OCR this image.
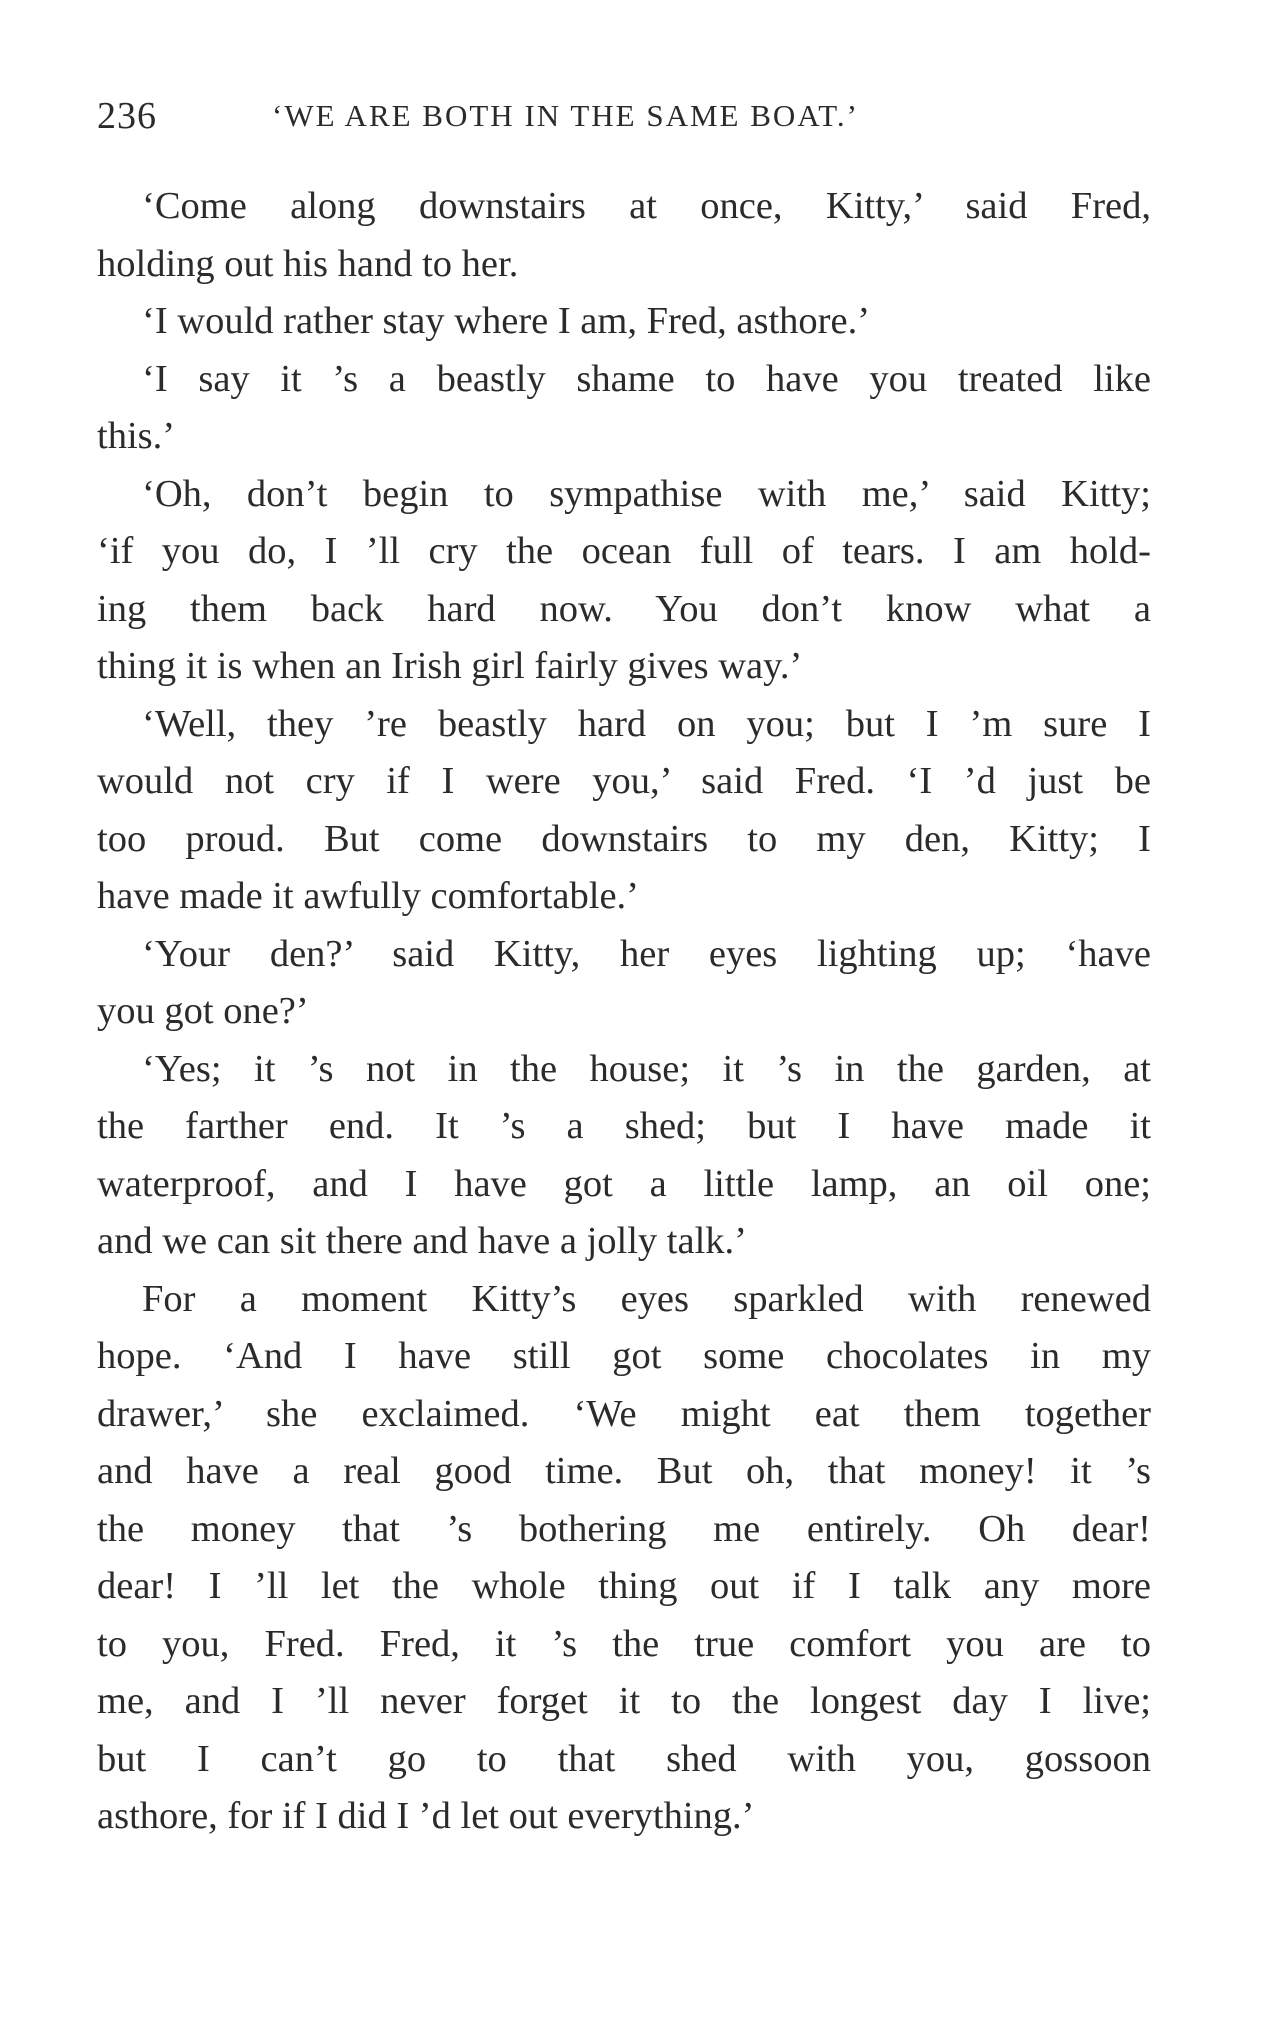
236	‘WE ARE BOTH IN THE SAME BOAT.’
‘Come along downstairs at once, Kitty,’ said Fred,
holding out his hand to her.
‘I would rather stay where I am, Fred, asthore.’
‘I say it ’s a beastly shame to have you treated like
this.’
‘Oh, don’t begin to sympathise with me,’ said Kitty;
‘if you do, I ’ll cry the ocean full of tears. I am hold-
ing them back hard now. You don’t know what a
thing it is when an Irish girl fairly gives way.’
‘Well, they ’re beastly hard on you; but I ’m sure I
would not cry if I were you,’ said Fred. ‘I ’d just be
too proud. But come downstairs to my den, Kitty; I
have made it awfully comfortable.’
‘Your den?’ said Kitty, her eyes lighting up; ‘have
you got one?’
‘Yes; it ’s not in the house; it ’s in the garden, at
the farther end. It ’s a shed; but I have made it
waterproof, and I have got a little lamp, an oil one;
and we can sit there and have a jolly talk.’
For a moment Kitty’s eyes sparkled with renewed
hope. ‘And I have still got some chocolates in my
drawer,’ she exclaimed. ‘We might eat them together
and have a real good time. But oh, that money! it ’s
the money that ’s bothering me entirely. Oh dear!
dear! I ’ll let the whole thing out if I talk any more
to you, Fred. Fred, it ’s the true comfort you are to
me, and I ’ll never forget it to the longest day I live;
but I can’t go to that shed with you, gossoon
asthore, for if I did I ’d let out everything.’
